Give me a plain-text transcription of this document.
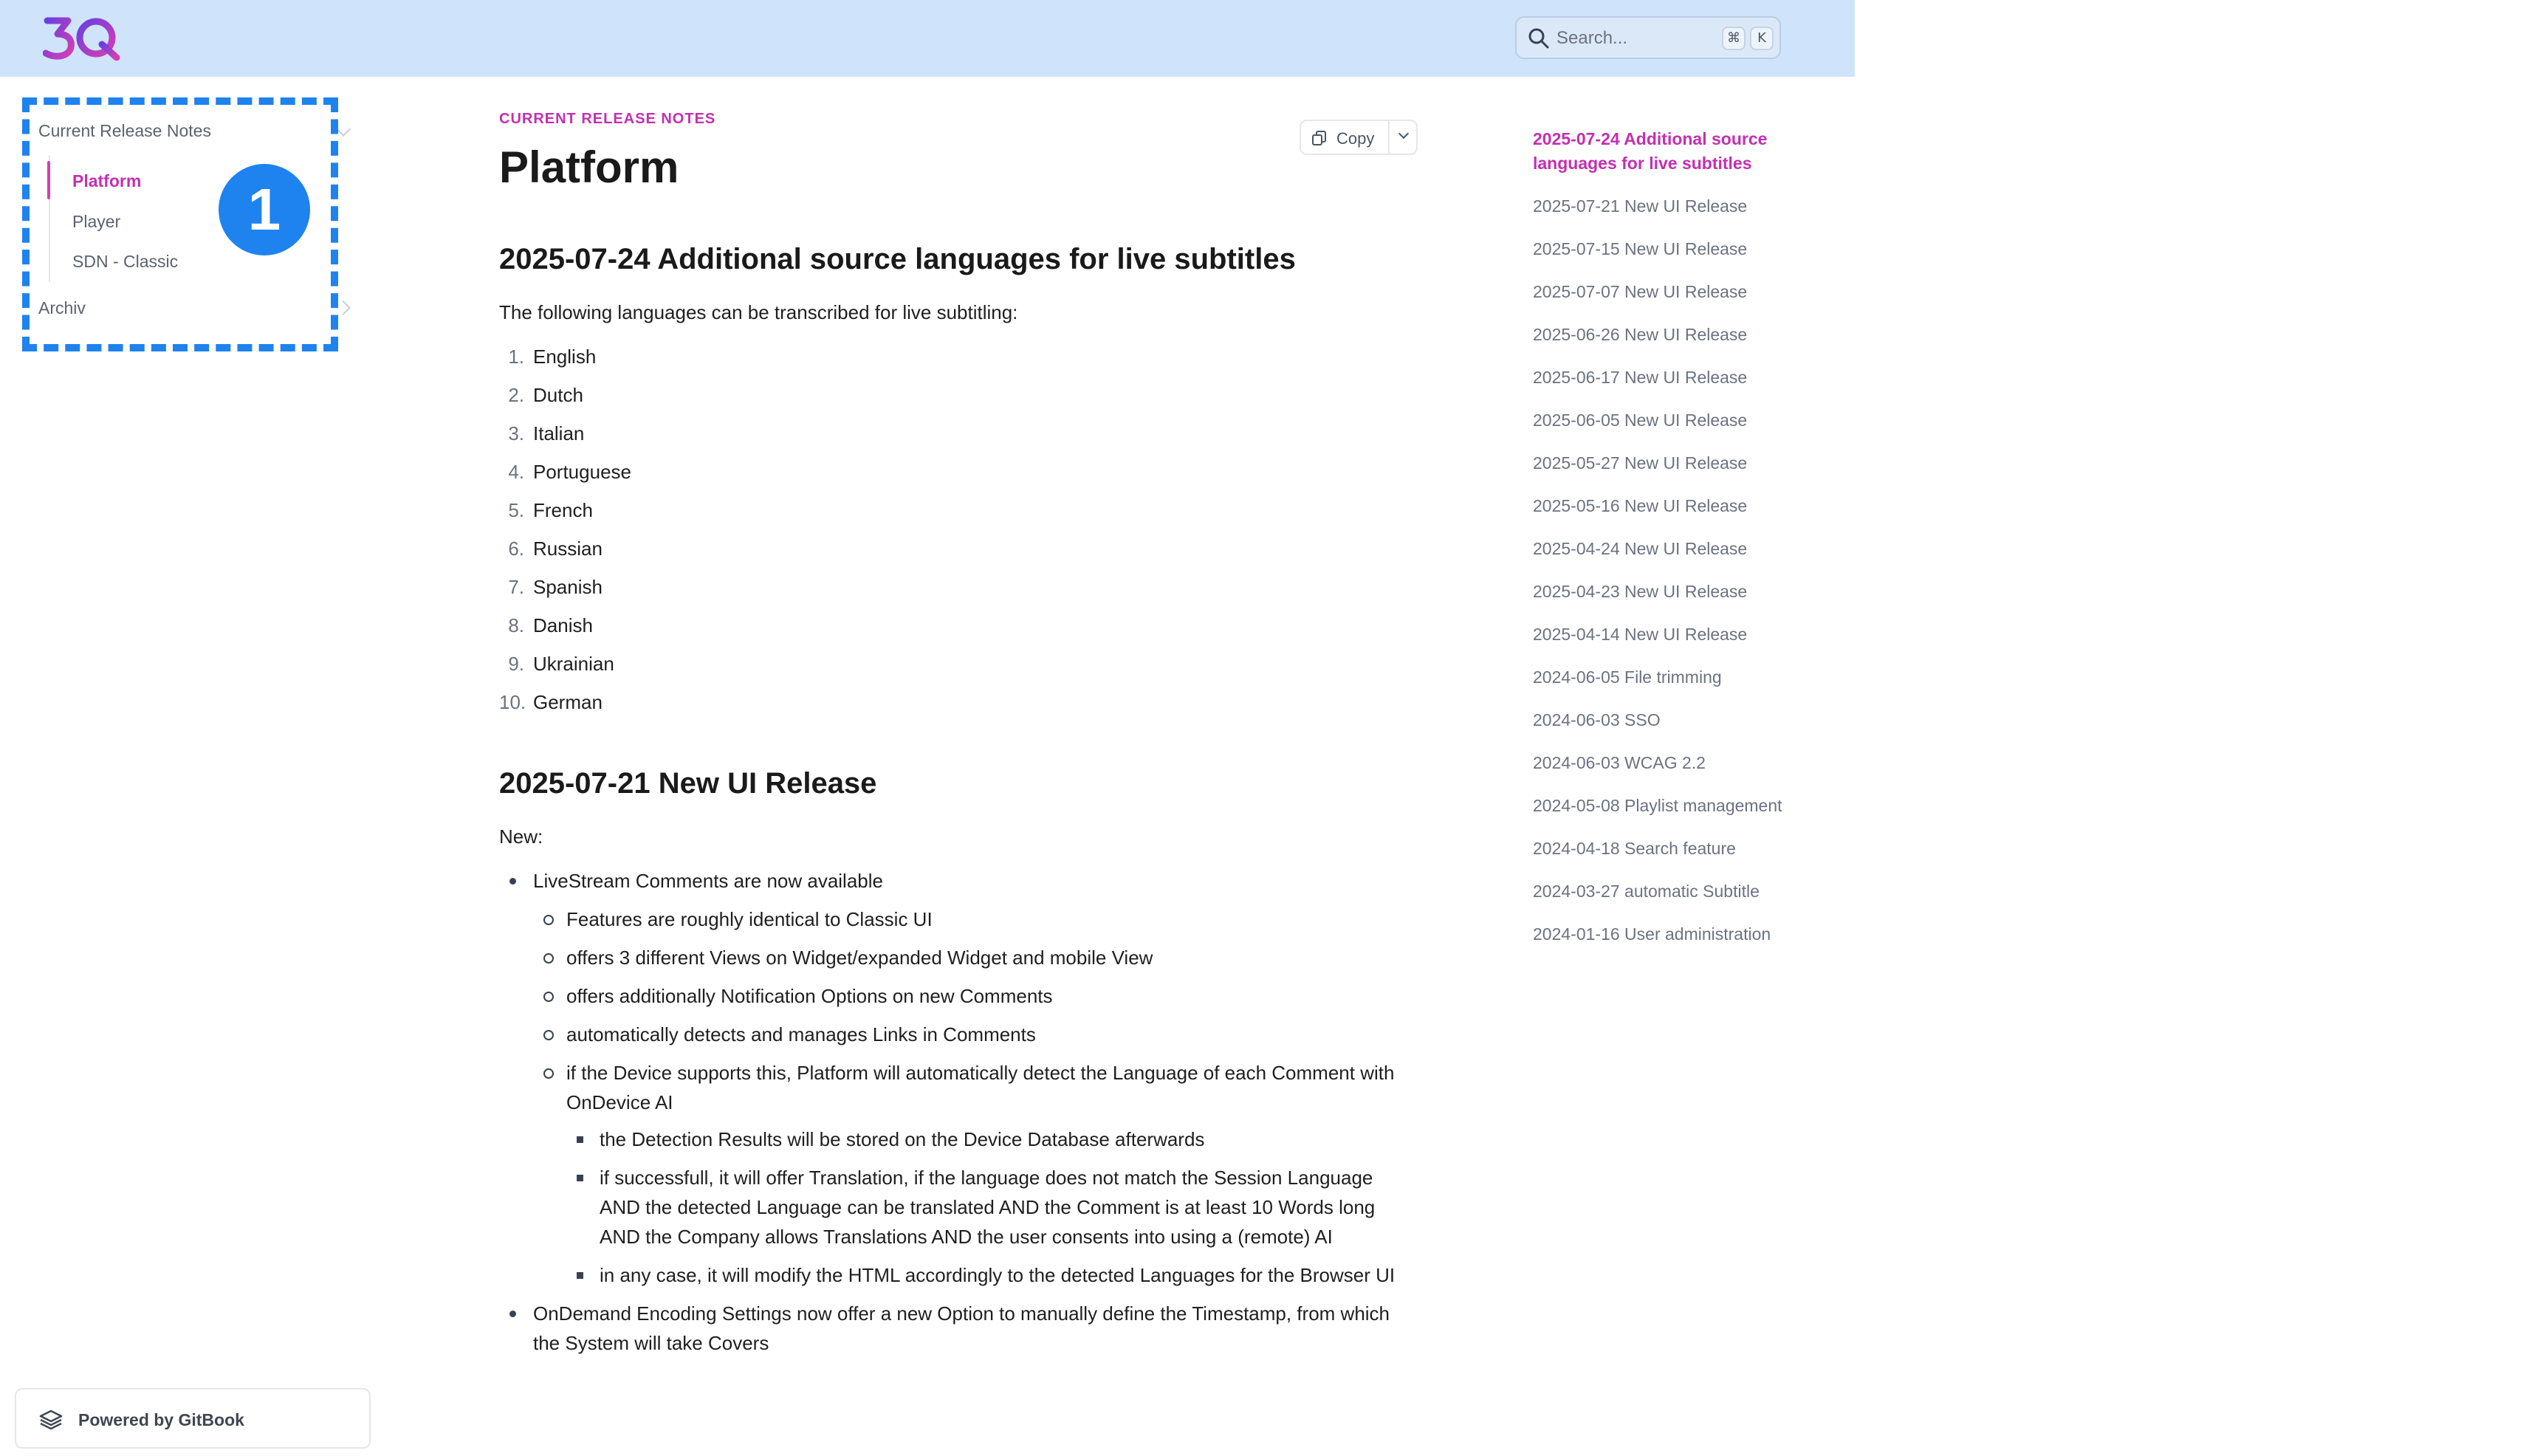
Search...	⌘	K
Current Release Notes
Platform
Player
SDN - Classic
Archiv
1
Powered by GitBook
CURRENT RELEASE NOTES
Platform
Copy
2025-07-24 Additional source languages for live subtitles

The following languages can be transcribed for live subtitling:

1. English
2. Dutch
3. Italian
4. Portuguese
5. French
6. Russian
7. Spanish
8. Danish
9. Ukrainian
10. German
2025-07-21 New UI Release

New:

LiveStream Comments are now available
Features are roughly identical to Classic UI
offers 3 different Views on Widget/expanded Widget and mobile View
offers additionally Notification Options on new Comments
automatically detects and manages Links in Comments
if the Device supports this, Platform will automatically detect the Language of each Comment with OnDevice AI
the Detection Results will be stored on the Device Database afterwards
if successfull, it will offer Translation, if the language does not match the Session Language AND the detected Language can be translated AND the Comment is at least 10 Words long AND the Company allows Translations AND the user consents into using a (remote) AI
in any case, it will modify the HTML accordingly to the detected Languages for the Browser UI
OnDemand Encoding Settings now offer a new Option to manually define the Timestamp, from which the System will take Covers
2025-07-24 Additional source languages for live subtitles
2025-07-21 New UI Release
2025-07-15 New UI Release
2025-07-07 New UI Release
2025-06-26 New UI Release
2025-06-17 New UI Release
2025-06-05 New UI Release
2025-05-27 New UI Release
2025-05-16 New UI Release
2025-04-24 New UI Release
2025-04-23 New UI Release
2025-04-14 New UI Release
2024-06-05 File trimming
2024-06-03 SSO
2024-06-03 WCAG 2.2
2024-05-08 Playlist management
2024-04-18 Search feature
2024-03-27 automatic Subtitle
2024-01-16 User administration
